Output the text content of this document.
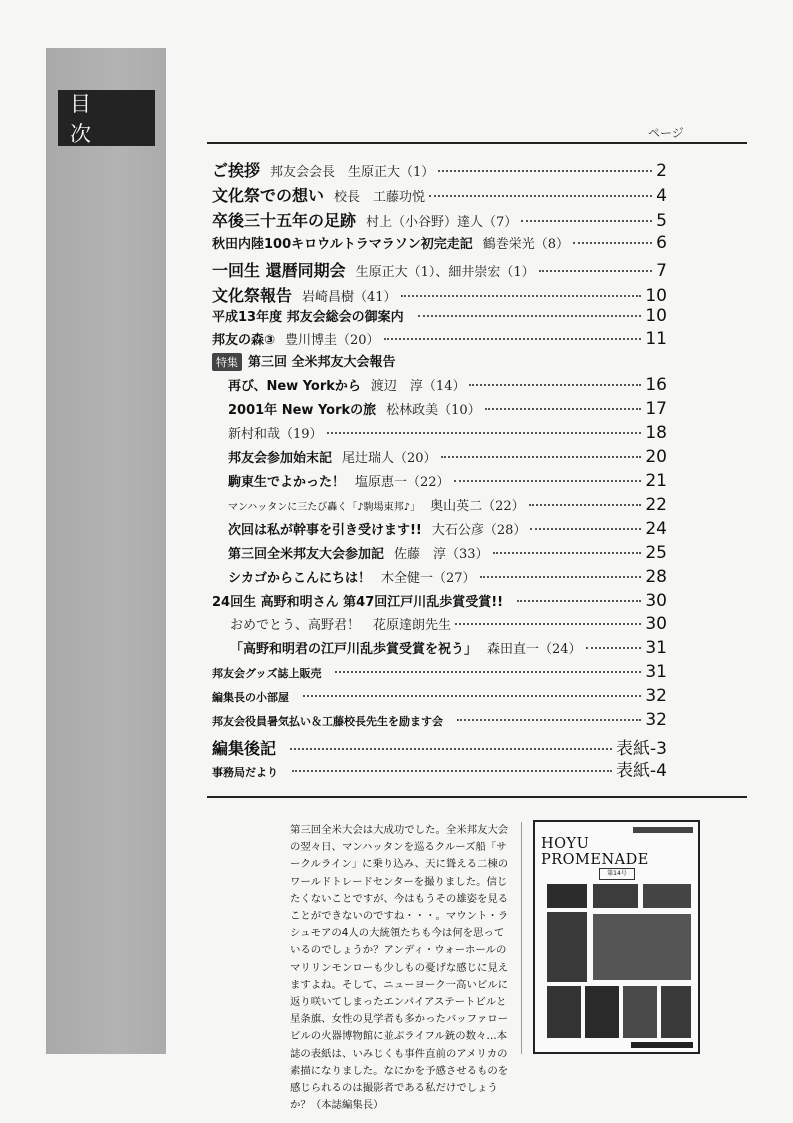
目 次	ページ
ご挨拶 邦友会会長　生原正大（1）	2
文化祭での想い 校長　工藤功悦	4
卒後三十五年の足跡 村上（小谷野）達人（7）	5
秋田内陸100キロウルトラマラソン初完走記 鶴巻栄光（8）	6
一回生 還暦同期会 生原正大（1）、細井崇宏（1）	7
文化祭報告 岩崎昌樹（41）	10
平成13年度 邦友会総会の御案内	10
邦友の森③ 豊川博圭（20）	11
特集 第三回 全米邦友大会報告
再び、New Yorkから 渡辺　淳（14）	16
2001年 New Yorkの旅 松林政美（10）	17
新村和哉（19）	18
邦友会参加始末記 尾辻瑞人（20）	20
駒東生でよかった！ 塩原恵一（22）	21
マンハッタンに三たび轟く「♪駒場東邦♪」 奥山英二（22）	22
次回は私が幹事を引き受けます!! 大石公彦（28）	24
第三回全米邦友大会参加記 佐藤　淳（33）	25
シカゴからこんにちは！ 木全健一（27）	28
24回生 高野和明さん 第47回江戸川乱歩賞受賞!!	30
おめでとう、高野君！　花原達朗先生	30
「高野和明君の江戸川乱歩賞受賞を祝う」 森田直一（24）	31
邦友会グッズ誌上販売	31
編集長の小部屋	32
邦友会役員暑気払い＆工藤校長先生を励ます会	32
編集後記	表紙-3
事務局だより	表紙-4
第三回全米大会は大成功でした。全米邦友大会の翌々日、マンハッタンを巡るクルーズ船「サークルライン」に乗り込み、天に聳える二棟のワールドトレードセンターを撮りました。信じたくないことですが、今はもうその雄姿を見ることができないのですね・・・。マウント・ラシュモアの4人の大統領たちも今は何を思っているのでしょうか？アンディ・ウォーホールのマリリンモンローも少しもの憂げな感じに見えますよね。そして、ニューヨーク一高いビルに返り咲いてしまったエンパイアステートビルと星条旗、女性の見学者も多かったバッファロービルの火器博物館に並ぶライフル銃の数々…本誌の表紙は、いみじくも事件直前のアメリカの素描になりました。なにかを予感させるものを感じられるのは撮影者である私だけでしょうか？（本誌編集長）
HOYU PROMENADE
第14号
